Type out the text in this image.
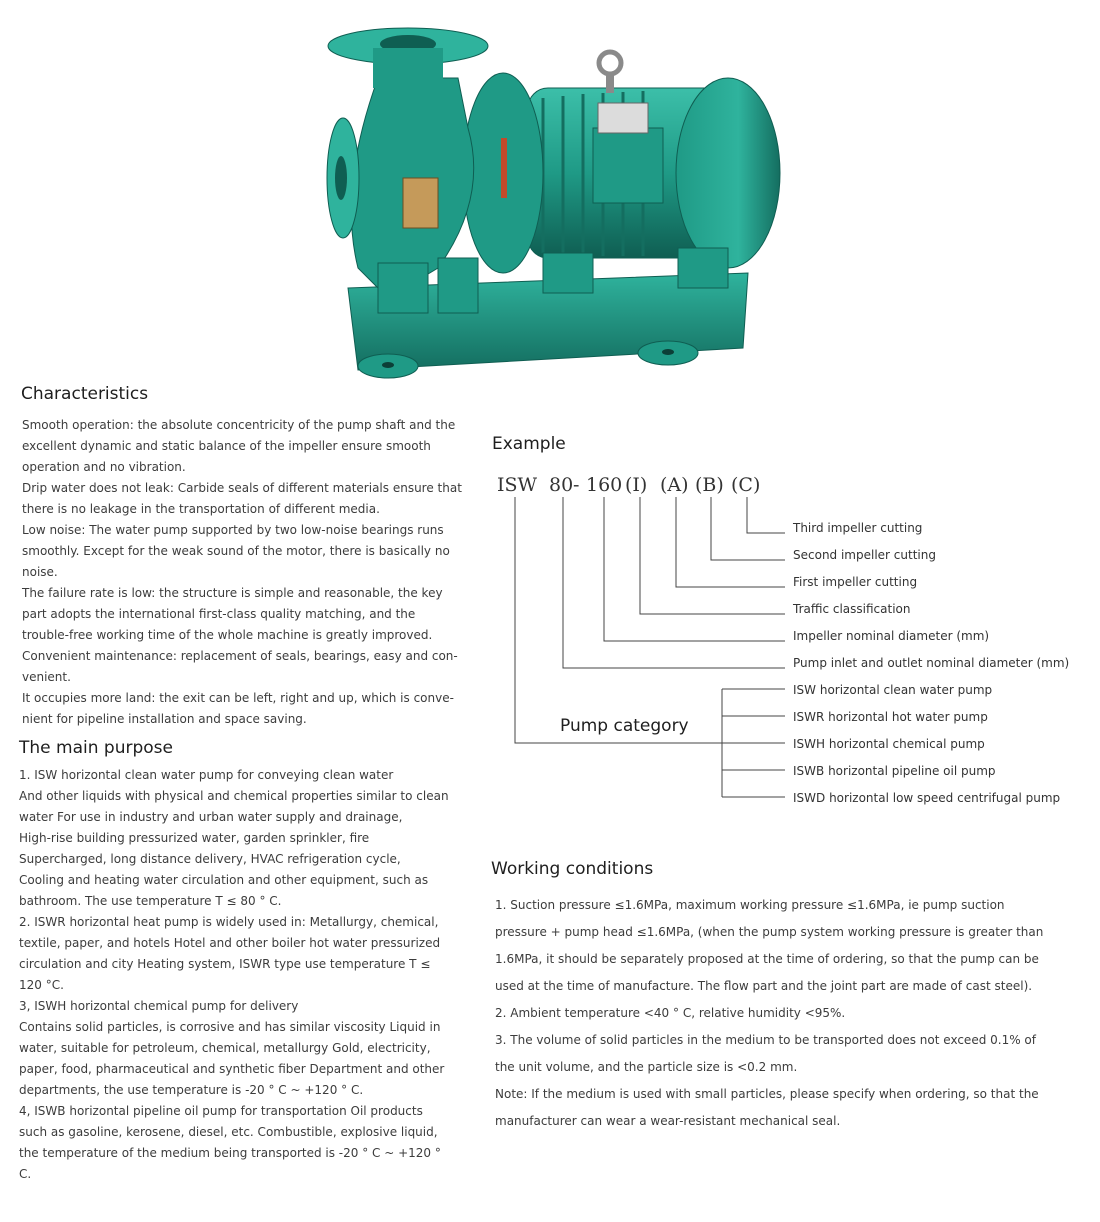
Characteristics

Smooth operation: the absolute concentricity of the pump shaft and the

excellent dynamic and static balance of the impeller ensure smooth

operation and no vibration.

Drip water does not leak: Carbide seals of different materials ensure that

there is no leakage in the transportation of different media.

Low noise: The water pump supported by two low-noise bearings runs

smoothly. Except for the weak sound of the motor, there is basically no

noise.

The failure rate is low: the structure is simple and reasonable, the key

part adopts the international first-class quality matching, and the

trouble-free working time of the whole machine is greatly improved.

Convenient maintenance: replacement of seals, bearings, easy and con-

venient.

It occupies more land: the exit can be left, right and up, which is conve-

nient for pipeline installation and space saving.

The main purpose

1. ISW horizontal clean water pump for conveying clean water

And other liquids with physical and chemical properties similar to clean

water For use in industry and urban water supply and drainage,

High-rise building pressurized water, garden sprinkler, fire

Supercharged, long distance delivery, HVAC refrigeration cycle,

Cooling and heating water circulation and other equipment, such as

bathroom. The use temperature T ≤ 80 ° C.

2. ISWR horizontal heat pump is widely used in: Metallurgy, chemical,

textile, paper, and hotels Hotel and other boiler hot water pressurized

circulation and city Heating system, ISWR type use temperature T ≤

120 °C.

3, ISWH horizontal chemical pump for delivery

Contains solid particles, is corrosive and has similar viscosity Liquid in

water, suitable for petroleum, chemical, metallurgy Gold, electricity,

paper, food, pharmaceutical and synthetic fiber Department and other

departments, the use temperature is -20 ° C ~ +120 ° C.

4, ISWB horizontal pipeline oil pump for transportation Oil products

such as gasoline, kerosene, diesel, etc. Combustible, explosive liquid,

the temperature of the medium being transported is -20 ° C ~ +120 °

C.

Example
ISW 80 - 160 (I) (A) (B) (C)
Third impeller cutting
Second impeller cutting
First impeller cutting
Traffic classification
Impeller nominal diameter (mm)
Pump inlet and outlet nominal diameter (mm)
ISW horizontal clean water pump
ISWR horizontal hot water pump
ISWH horizontal chemical pump
ISWB horizontal pipeline oil pump
ISWD horizontal low speed centrifugal pump
Pump category
Working conditions

1. Suction pressure ≤1.6MPa, maximum working pressure ≤1.6MPa, ie pump suction

pressure + pump head ≤1.6MPa, (when the pump system working pressure is greater than

1.6MPa, it should be separately proposed at the time of ordering, so that the pump can be

used at the time of manufacture. The flow part and the joint part are made of cast steel).

2. Ambient temperature <40 ° C, relative humidity <95%.

3. The volume of solid particles in the medium to be transported does not exceed 0.1% of

the unit volume, and the particle size is <0.2 mm.

Note: If the medium is used with small particles, please specify when ordering, so that the

manufacturer can wear a wear-resistant mechanical seal.
